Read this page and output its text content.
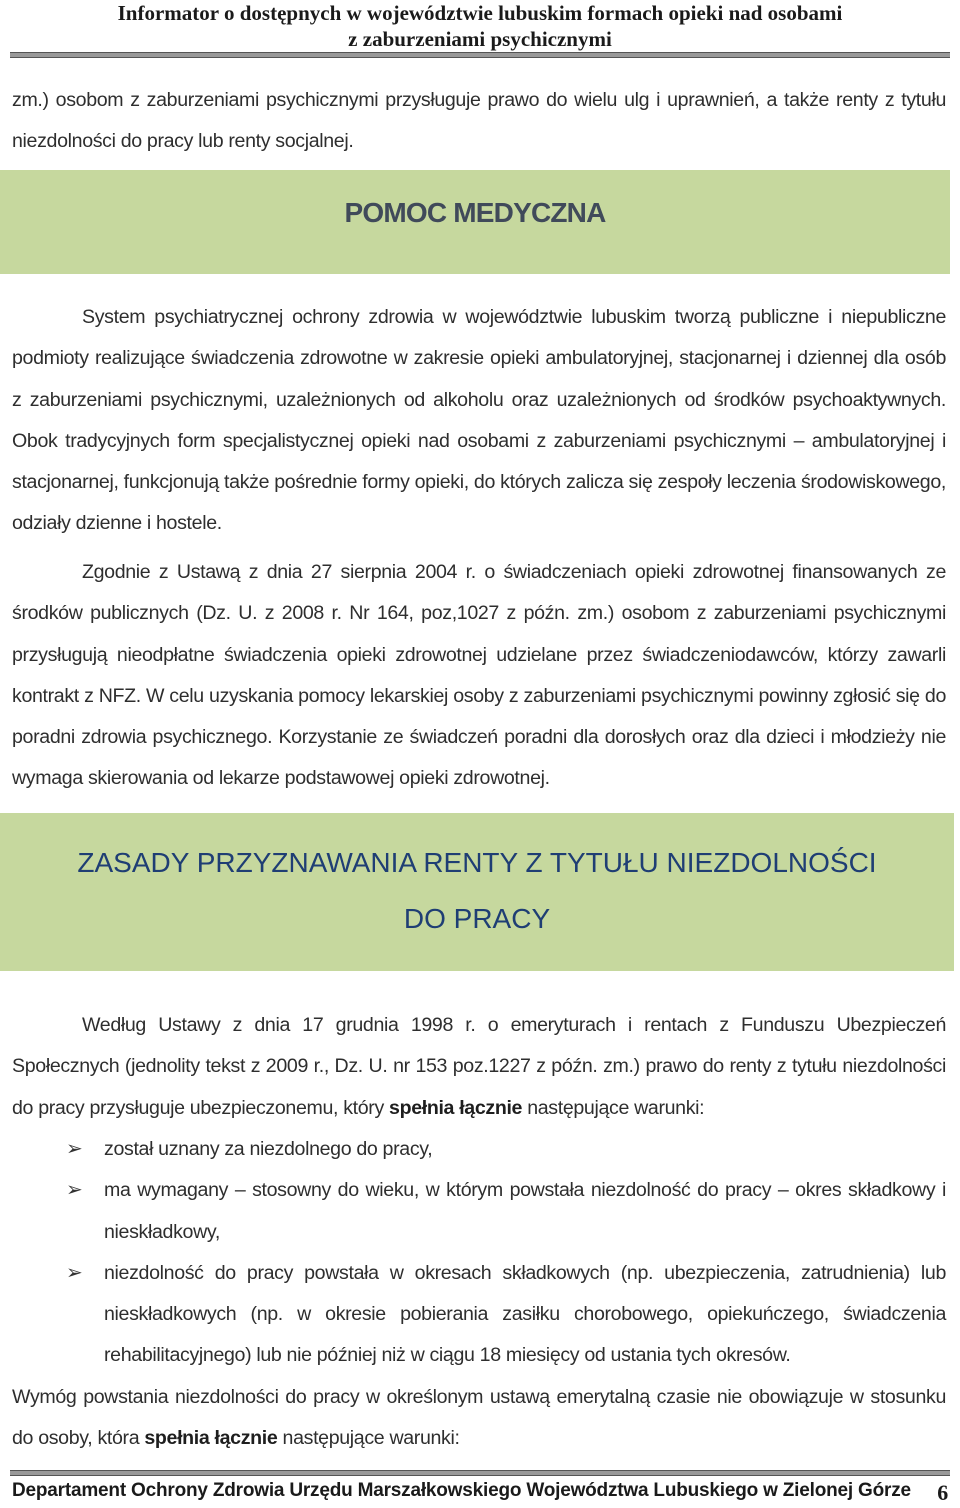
Informator o dostępnych w województwie lubuskim formach opieki nad osobami
z zaburzeniami psychicznymi
zm.) osobom z zaburzeniami psychicznymi przysługuje prawo do wielu ulg i uprawnień, a także renty z tytułu niezdolności do pracy lub renty socjalnej.
POMOC MEDYCZNA
System psychiatrycznej ochrony zdrowia w województwie lubuskim tworzą publiczne i niepubliczne podmioty realizujące świadczenia zdrowotne w zakresie opieki ambulatoryjnej, stacjonarnej i dziennej dla osób z zaburzeniami psychicznymi, uzależnionych od alkoholu oraz uzależnionych od środków psychoaktywnych. Obok tradycyjnych form specjalistycznej opieki nad osobami z zaburzeniami psychicznymi – ambulatoryjnej i stacjonarnej, funkcjonują także pośrednie formy opieki, do których zalicza się zespoły leczenia środowiskowego, odziały dzienne i hostele.
Zgodnie z Ustawą z dnia 27 sierpnia 2004 r. o świadczeniach opieki zdrowotnej finansowanych ze środków publicznych (Dz. U. z 2008 r. Nr 164, poz,1027 z późn. zm.) osobom z zaburzeniami psychicznymi przysługują nieodpłatne świadczenia opieki zdrowotnej udzielane przez świadczeniodawców, którzy zawarli kontrakt z NFZ. W celu uzyskania pomocy lekarskiej osoby z zaburzeniami psychicznymi powinny zgłosić się do poradni zdrowia psychicznego. Korzystanie ze świadczeń poradni dla dorosłych oraz dla dzieci i młodzieży nie wymaga skierowania od lekarze podstawowej opieki zdrowotnej.
ZASADY PRZYZNAWANIA RENTY Z TYTUŁU NIEZDOLNOŚCI
DO PRACY
Według Ustawy z dnia 17 grudnia 1998 r. o emeryturach i rentach z Funduszu Ubezpieczeń Społecznych (jednolity tekst z 2009 r., Dz. U. nr 153 poz.1227 z późn. zm.) prawo do renty z tytułu niezdolności do pracy przysługuje ubezpieczonemu, który spełnia łącznie następujące warunki:
➢ został uznany za niezdolnego do pracy,
➢ ma wymagany – stosowny do wieku, w którym powstała niezdolność do pracy – okres składkowy i nieskładkowy,
➢ niezdolność do pracy powstała w okresach składkowych (np. ubezpieczenia, zatrudnienia) lub nieskładkowych (np. w okresie pobierania zasiłku chorobowego, opiekuńczego, świadczenia rehabilitacyjnego) lub nie później niż w ciągu 18 miesięcy od ustania tych okresów.
Wymóg powstania niezdolności do pracy w określonym ustawą emerytalną czasie nie obowiązuje w stosunku do osoby, która spełnia łącznie następujące warunki:
Departament Ochrony Zdrowia Urzędu Marszałkowskiego Województwa Lubuskiego w Zielonej Górze 6
